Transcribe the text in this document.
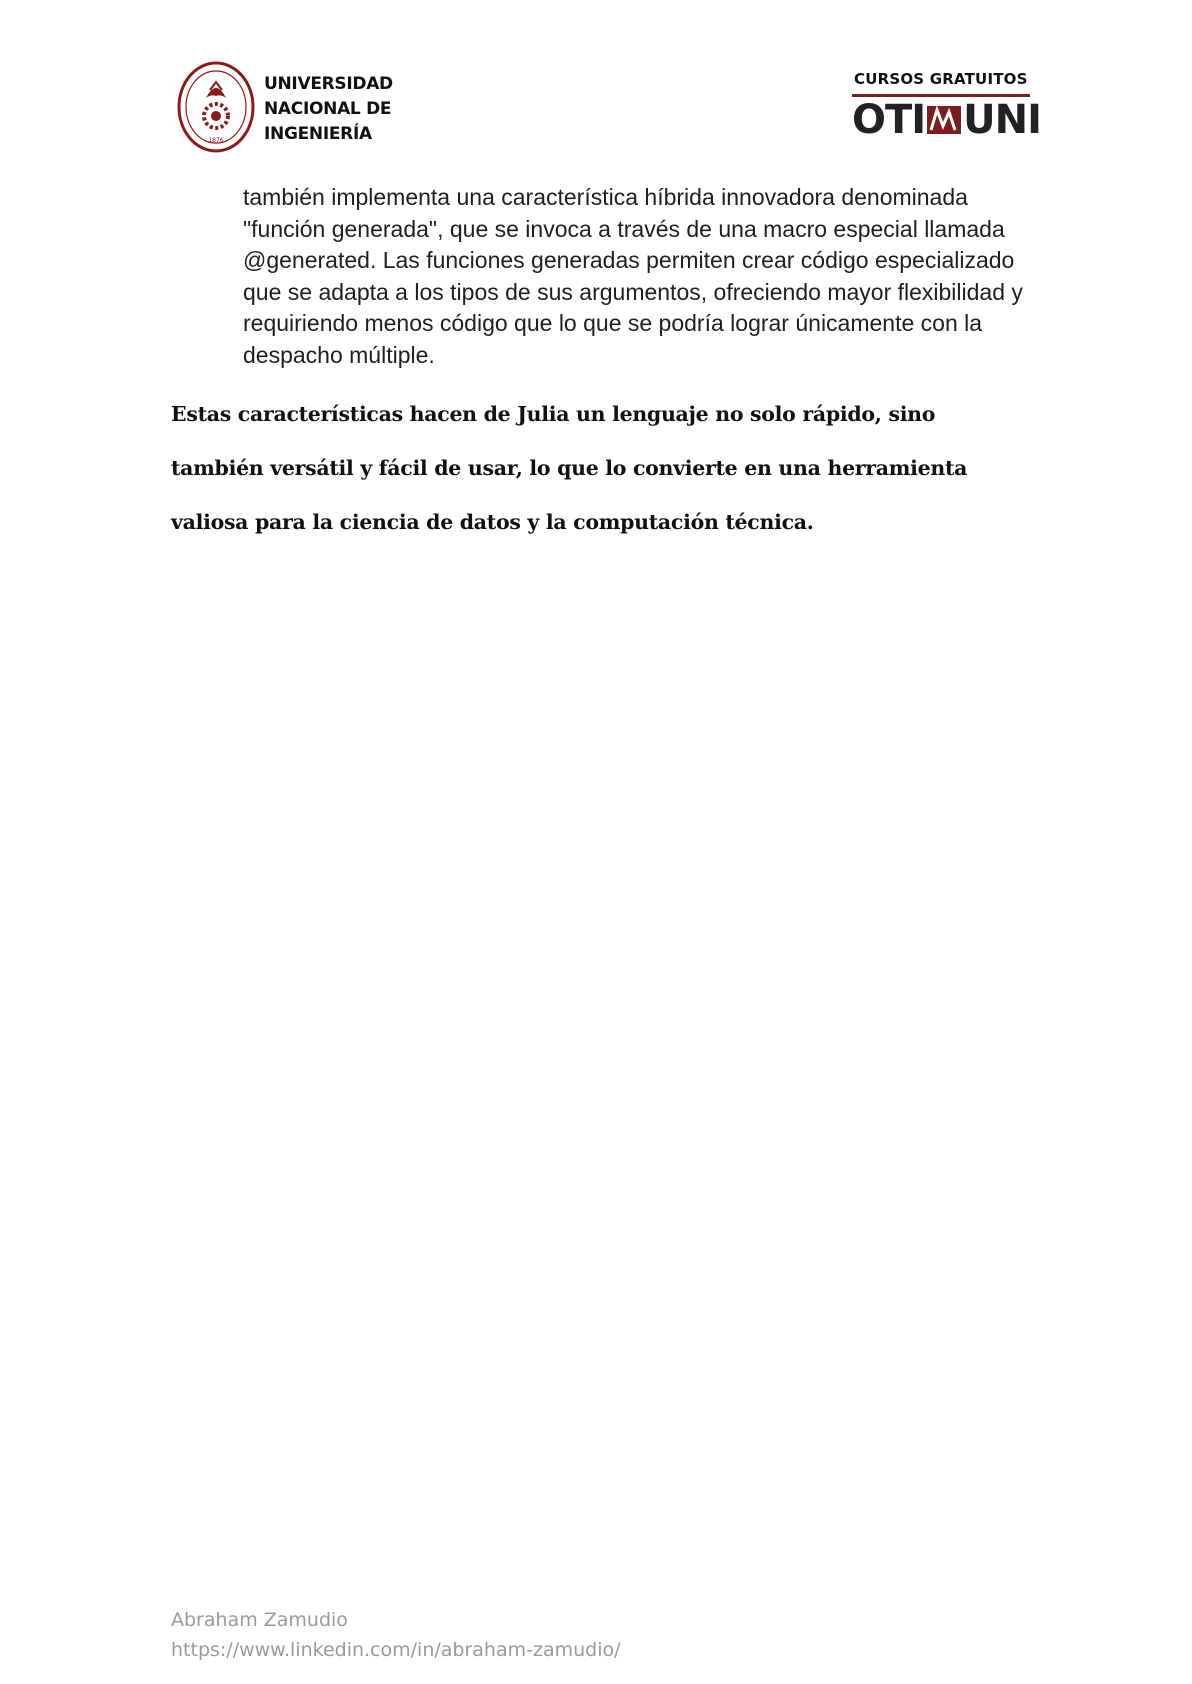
1876
UNIVERSIDAD
NACIONAL DE
INGENIERÍA
CURSOS GRATUITOS
OTI UNI
también implementa una característica híbrida innovadora denominada "función generada", que se invoca a través de una macro especial llamada @generated. Las funciones generadas permiten crear código especializado que se adapta a los tipos de sus argumentos, ofreciendo mayor flexibilidad y requiriendo menos código que lo que se podría lograr únicamente con la despacho múltiple.
Estas características hacen de Julia un lenguaje no solo rápido, sino también versátil y fácil de usar, lo que lo convierte en una herramienta valiosa para la ciencia de datos y la computación técnica.
Abraham Zamudio
https://www.linkedin.com/in/abraham-zamudio/
